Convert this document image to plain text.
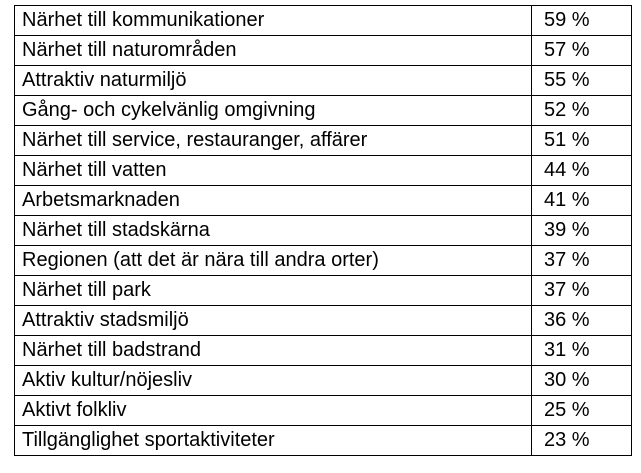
Närhet till kommunikationer	59 %
Närhet till naturområden	57 %
Attraktiv naturmiljö	55 %
Gång- och cykelvänlig omgivning	52 %
Närhet till service, restauranger, affärer	51 %
Närhet till vatten	44 %
Arbetsmarknaden	41 %
Närhet till stadskärna	39 %
Regionen (att det är nära till andra orter)	37 %
Närhet till park	37 %
Attraktiv stadsmiljö	36 %
Närhet till badstrand	31 %
Aktiv kultur/nöjesliv	30 %
Aktivt folkliv	25 %
Tillgänglighet sportaktiviteter	23 %
